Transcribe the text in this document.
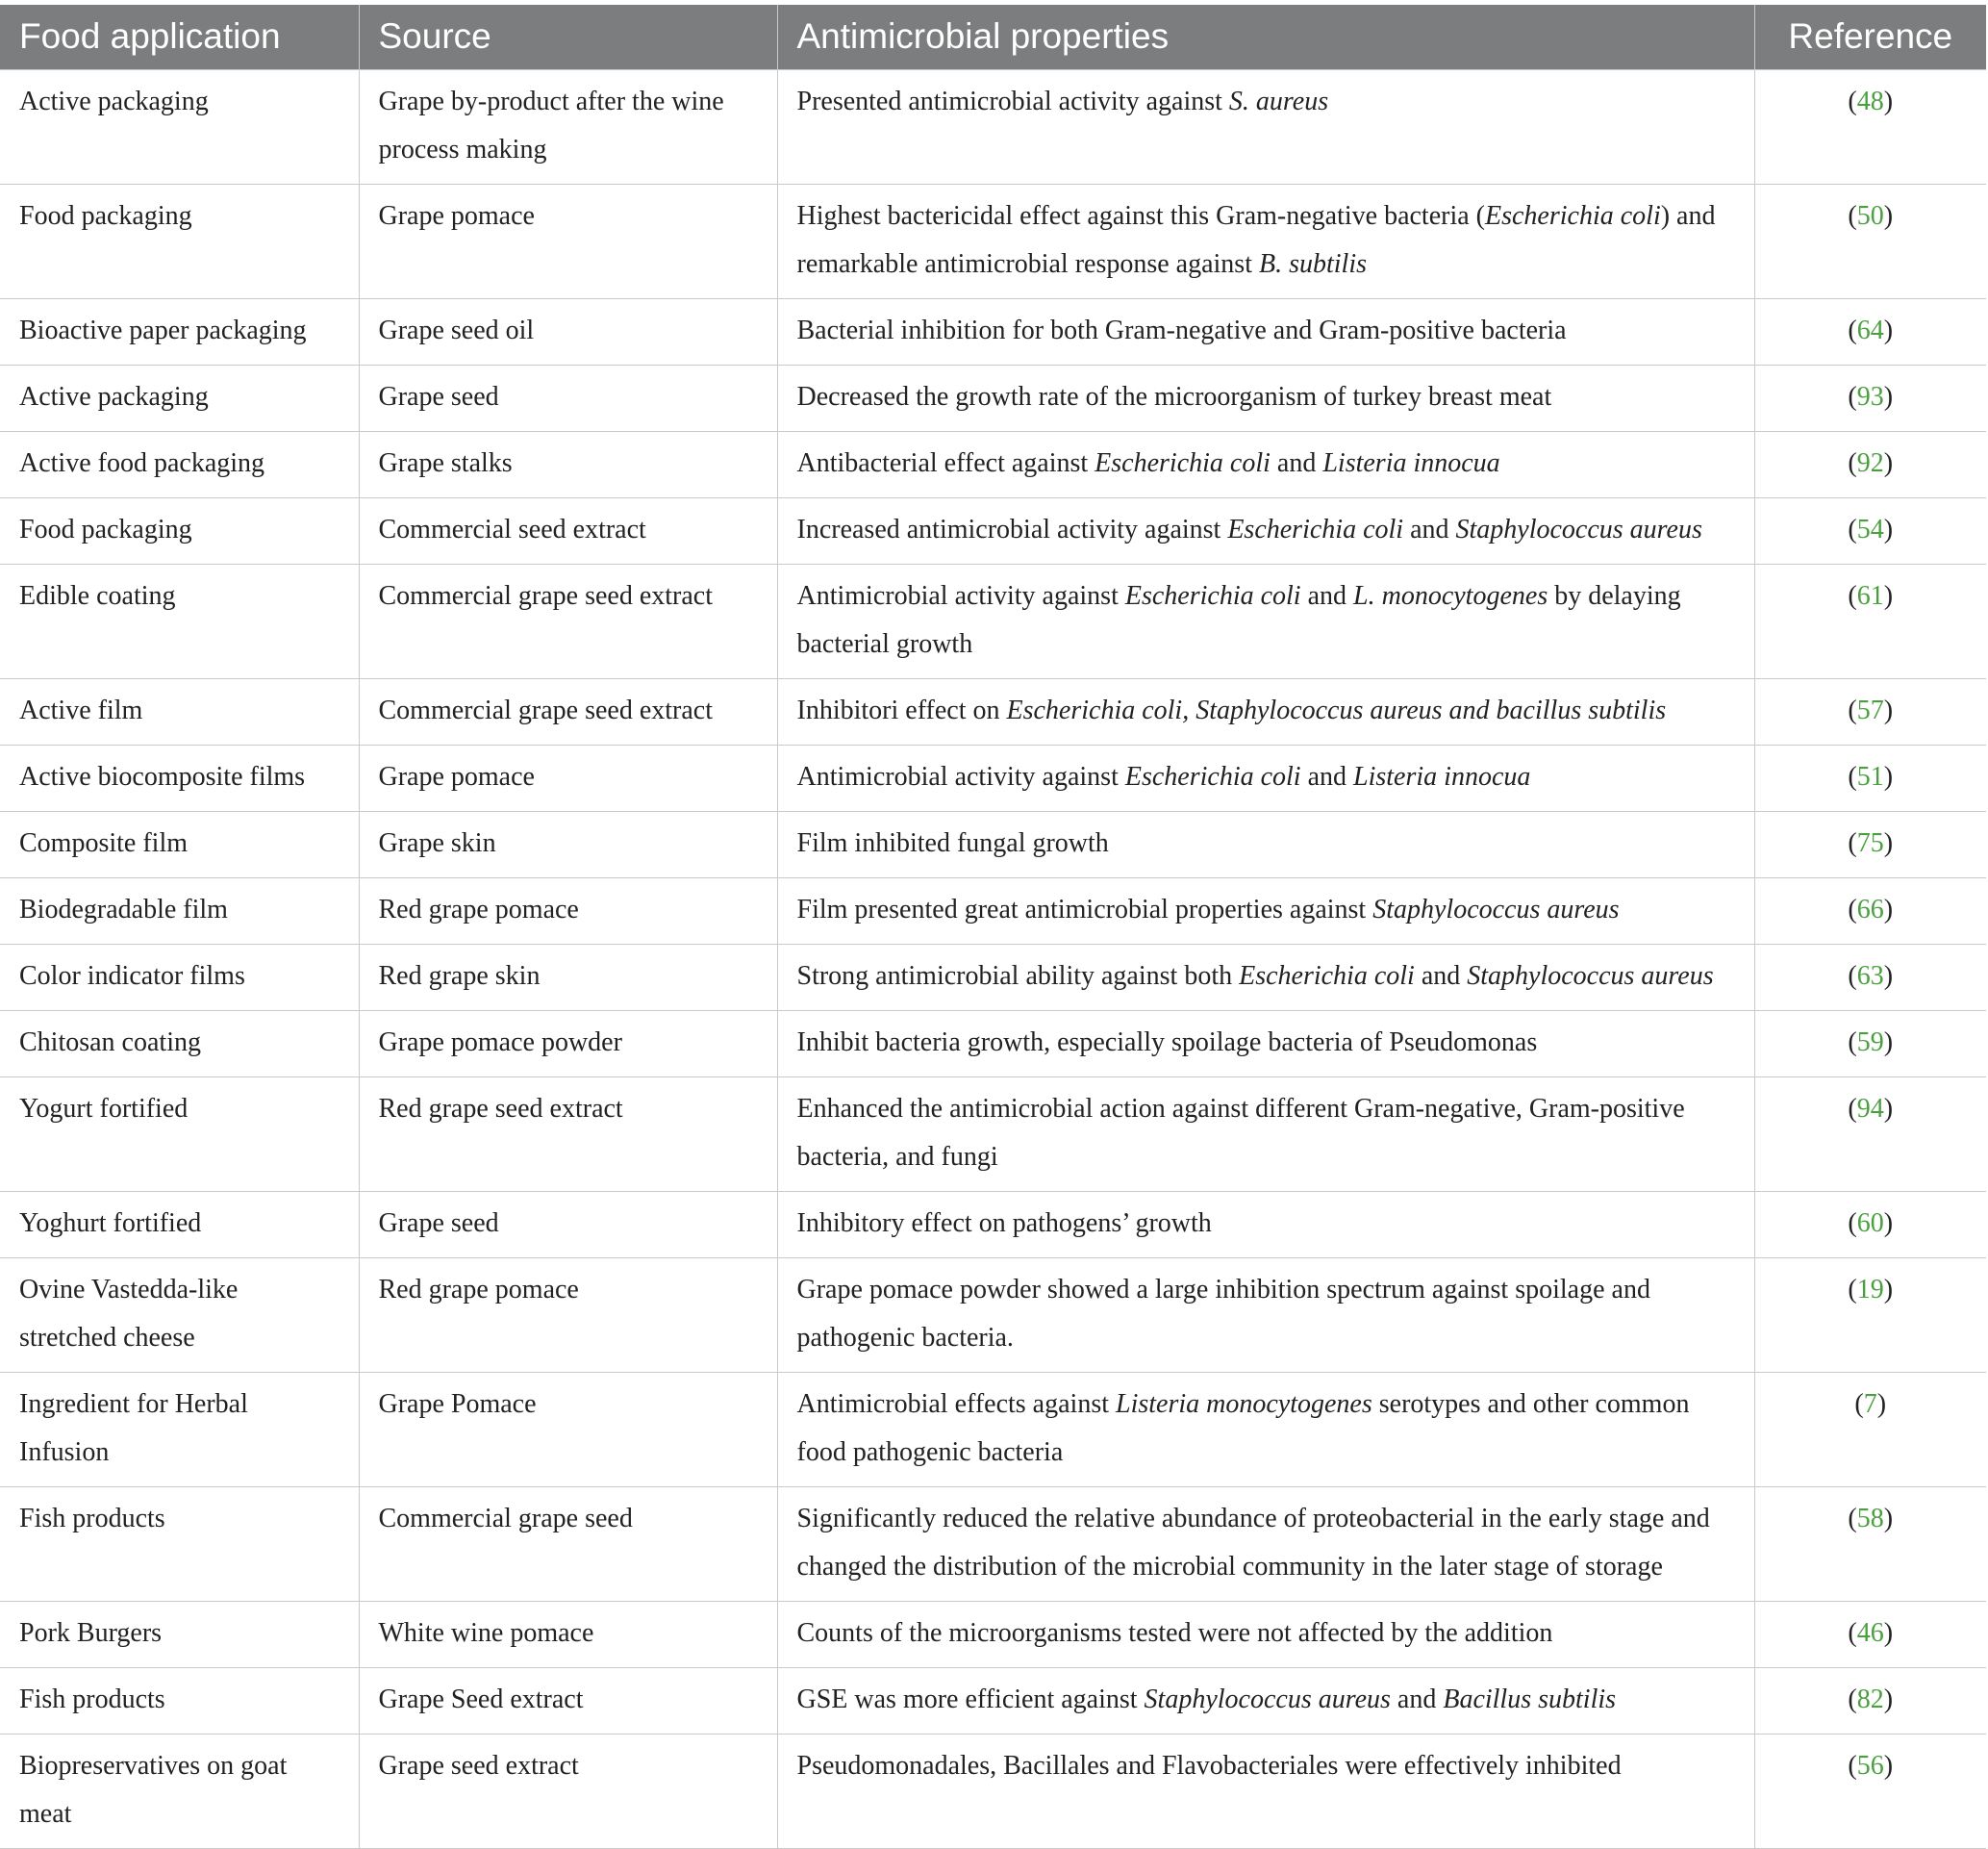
Food application	Source	Antimicrobial properties	Reference
Active packaging	Grape by-product after the wine process making	Presented antimicrobial activity against S. aureus	(48)
Food packaging	Grape pomace	Highest bactericidal effect against this Gram-negative bacteria (Escherichia coli) and remarkable antimicrobial response against B. subtilis	(50)
Bioactive paper packaging	Grape seed oil	Bacterial inhibition for both Gram-negative and Gram-positive bacteria	(64)
Active packaging	Grape seed	Decreased the growth rate of the microorganism of turkey breast meat	(93)
Active food packaging	Grape stalks	Antibacterial effect against Escherichia coli and Listeria innocua	(92)
Food packaging	Commercial seed extract	Increased antimicrobial activity against Escherichia coli and Staphylococcus aureus	(54)
Edible coating	Commercial grape seed extract	Antimicrobial activity against Escherichia coli and L. monocytogenes by delaying bacterial growth	(61)
Active film	Commercial grape seed extract	Inhibitori effect on Escherichia coli, Staphylococcus aureus and bacillus subtilis	(57)
Active biocomposite films	Grape pomace	Antimicrobial activity against Escherichia coli and Listeria innocua	(51)
Composite film	Grape skin	Film inhibited fungal growth	(75)
Biodegradable film	Red grape pomace	Film presented great antimicrobial properties against Staphylococcus aureus	(66)
Color indicator films	Red grape skin	Strong antimicrobial ability against both Escherichia coli and Staphylococcus aureus	(63)
Chitosan coating	Grape pomace powder	Inhibit bacteria growth, especially spoilage bacteria of Pseudomonas	(59)
Yogurt fortified	Red grape seed extract	Enhanced the antimicrobial action against different Gram-negative, Gram-positive bacteria, and fungi	(94)
Yoghurt fortified	Grape seed	Inhibitory effect on pathogens’ growth	(60)
Ovine Vastedda-like stretched cheese	Red grape pomace	Grape pomace powder showed a large inhibition spectrum against spoilage and pathogenic bacteria.	(19)
Ingredient for Herbal Infusion	Grape Pomace	Antimicrobial effects against Listeria monocytogenes serotypes and other common food pathogenic bacteria	(7)
Fish products	Commercial grape seed	Significantly reduced the relative abundance of proteobacterial in the early stage and changed the distribution of the microbial community in the later stage of storage	(58)
Pork Burgers	White wine pomace	Counts of the microorganisms tested were not affected by the addition	(46)
Fish products	Grape Seed extract	GSE was more efficient against Staphylococcus aureus and Bacillus subtilis	(82)
Biopreservatives on goat meat	Grape seed extract	Pseudomonadales, Bacillales and Flavobacteriales were effectively inhibited	(56)
